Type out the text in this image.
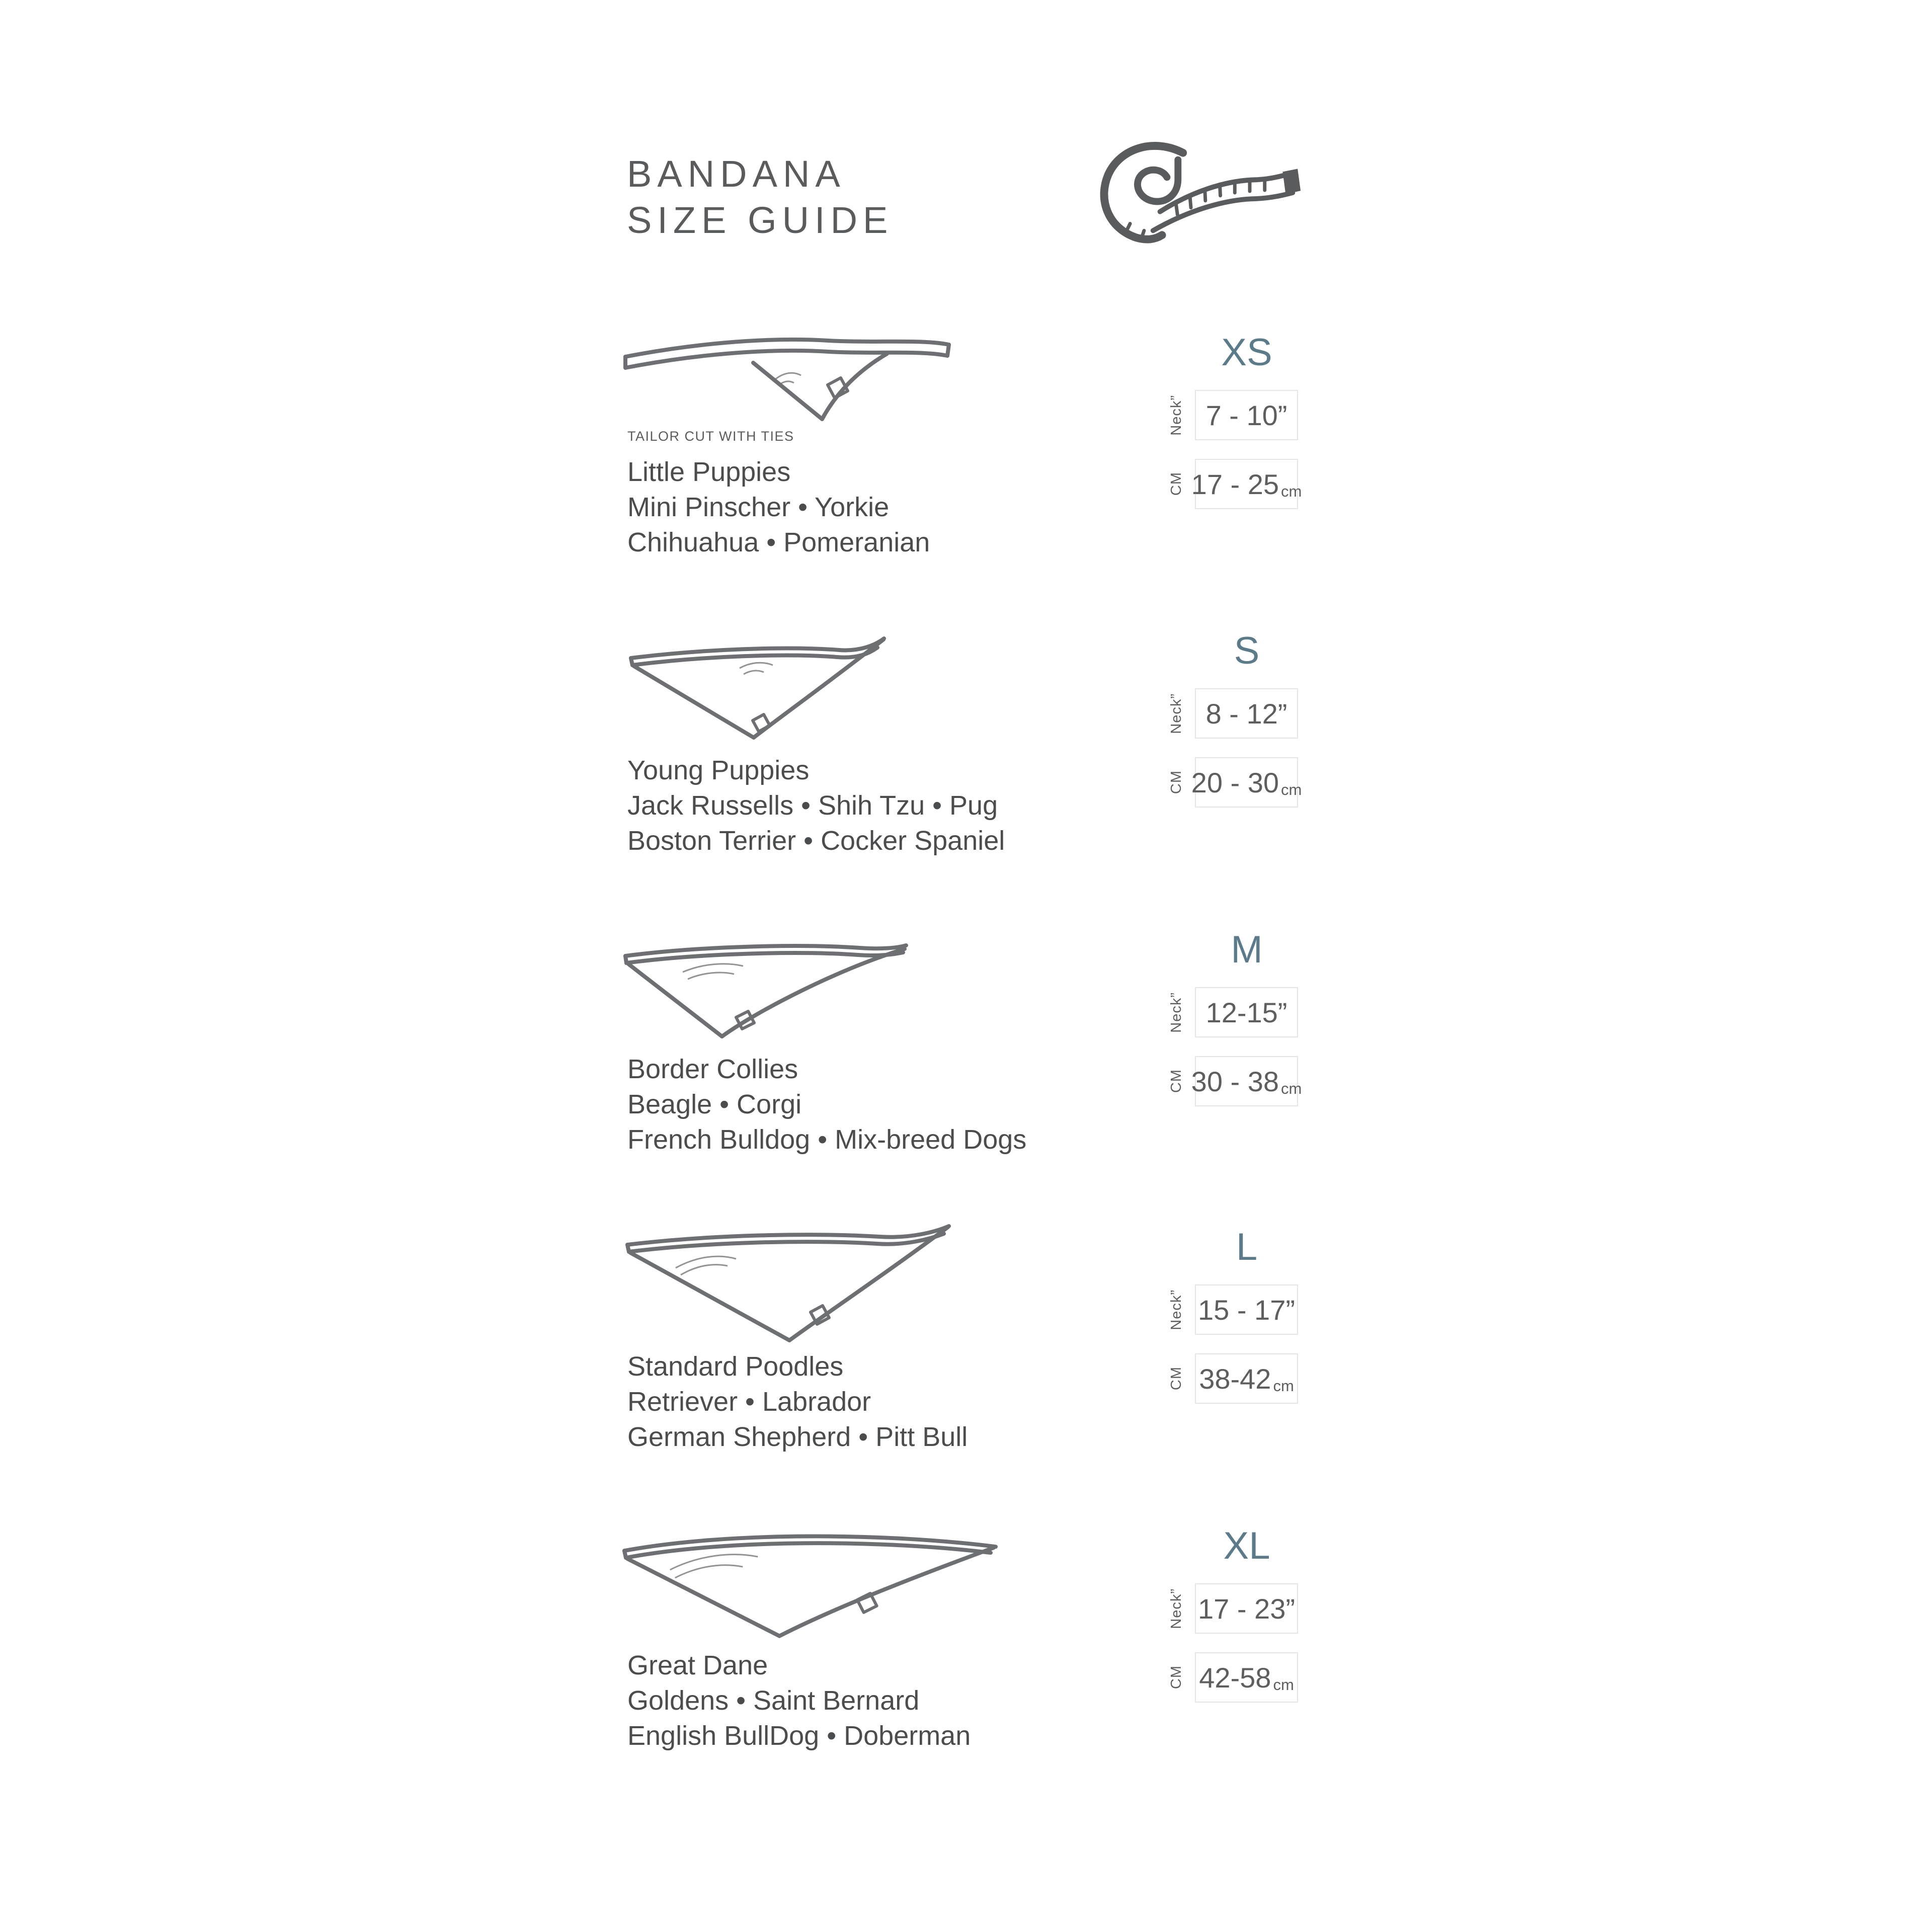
BANDANA
SIZE GUIDE
TAILOR CUT WITH TIES
Little Puppies
Mini Pinscher • Yorkie
Chihuahua • Pomeranian
XS
Neck” 7 - 10”
CM 17 - 25 cm
Young Puppies
Jack Russells • Shih Tzu • Pug
Boston Terrier • Cocker Spaniel
S
Neck” 8 - 12”
CM 20 - 30 cm
Border Collies
Beagle • Corgi
French Bulldog • Mix-breed Dogs
M
Neck” 12-15”
CM 30 - 38 cm
Standard Poodles
Retriever • Labrador
German Shepherd • Pitt Bull
L
Neck” 15 - 17”
CM 38-42 cm
Great Dane
Goldens • Saint Bernard
English BullDog • Doberman
XL
Neck” 17 - 23”
CM 42-58 cm
